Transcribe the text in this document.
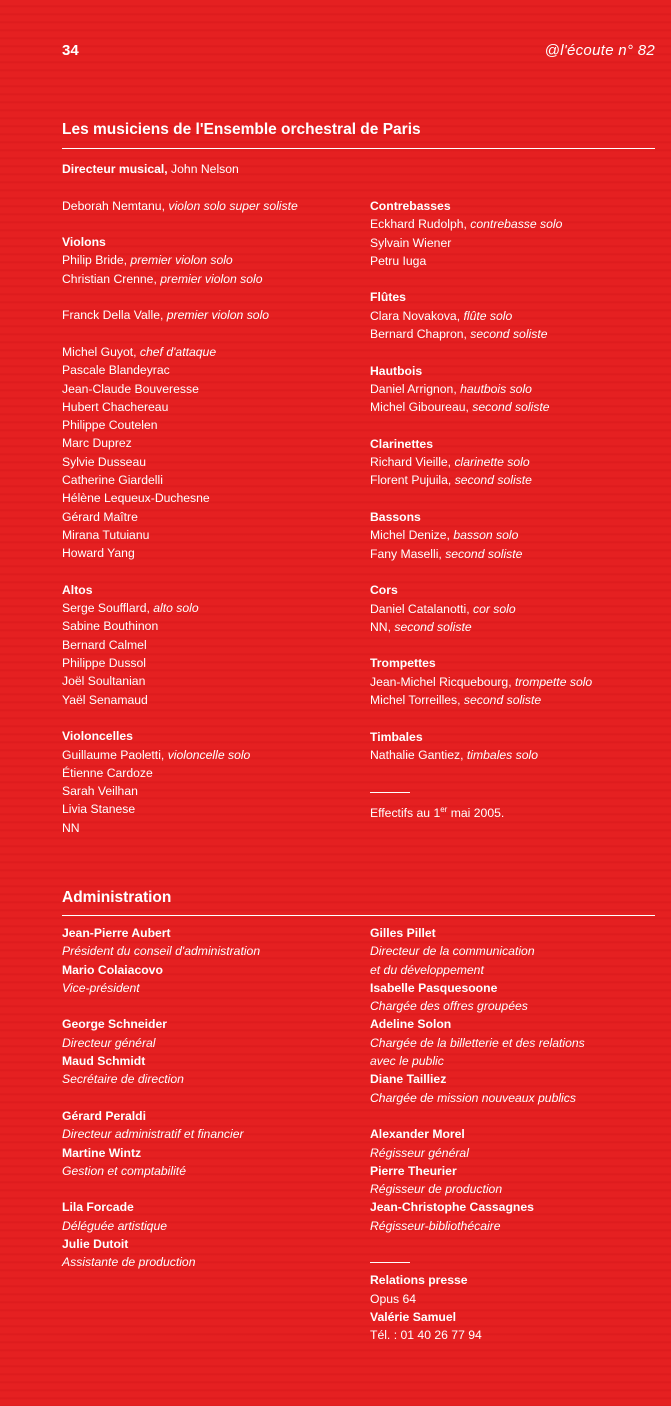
34	@l'écoute n° 82
Les musiciens de l'Ensemble orchestral de Paris

Directeur musical, John Nelson

Deborah Nemtanu, violon solo super soliste

Violons

Philip Bride, premier violon solo

Christian Crenne, premier violon solo

Franck Della Valle, premier violon solo

Michel Guyot, chef d'attaque

Pascale Blandeyrac

Jean-Claude Bouveresse

Hubert Chachereau

Philippe Coutelen

Marc Duprez

Sylvie Dusseau

Catherine Giardelli

Hélène Lequeux-Duchesne

Gérard Maître

Mirana Tutuianu

Howard Yang

Altos

Serge Soufflard, alto solo

Sabine Bouthinon

Bernard Calmel

Philippe Dussol

Joël Soultanian

Yaël Senamaud

Violoncelles

Guillaume Paoletti, violoncelle solo

Étienne Cardoze

Sarah Veilhan

Livia Stanese

NN

Contrebasses

Eckhard Rudolph, contrebasse solo

Sylvain Wiener

Petru Iuga

Flûtes

Clara Novakova, flûte solo

Bernard Chapron, second soliste

Hautbois

Daniel Arrignon, hautbois solo

Michel Giboureau, second soliste

Clarinettes

Richard Vieille, clarinette solo

Florent Pujuila, second soliste

Bassons

Michel Denize, basson solo

Fany Maselli, second soliste

Cors

Daniel Catalanotti, cor solo

NN, second soliste

Trompettes

Jean-Michel Ricquebourg, trompette solo

Michel Torreilles, second soliste

Timbales

Nathalie Gantiez, timbales solo

Effectifs au 1er mai 2005.

Administration

Jean-Pierre Aubert

Président du conseil d'administration

Mario Colaiacovo

Vice-président

George Schneider

Directeur général

Maud Schmidt

Secrétaire de direction

Gérard Peraldi

Directeur administratif et financier

Martine Wintz

Gestion et comptabilité

Lila Forcade

Déléguée artistique

Julie Dutoit

Assistante de production

Gilles Pillet

Directeur de la communication

et du développement

Isabelle Pasquesoone

Chargée des offres groupées

Adeline Solon

Chargée de la billetterie et des relations

avec le public

Diane Tailliez

Chargée de mission nouveaux publics

Alexander Morel

Régisseur général

Pierre Theurier

Régisseur de production

Jean-Christophe Cassagnes

Régisseur-bibliothécaire

Relations presse

Opus 64

Valérie Samuel

Tél. : 01 40 26 77 94
